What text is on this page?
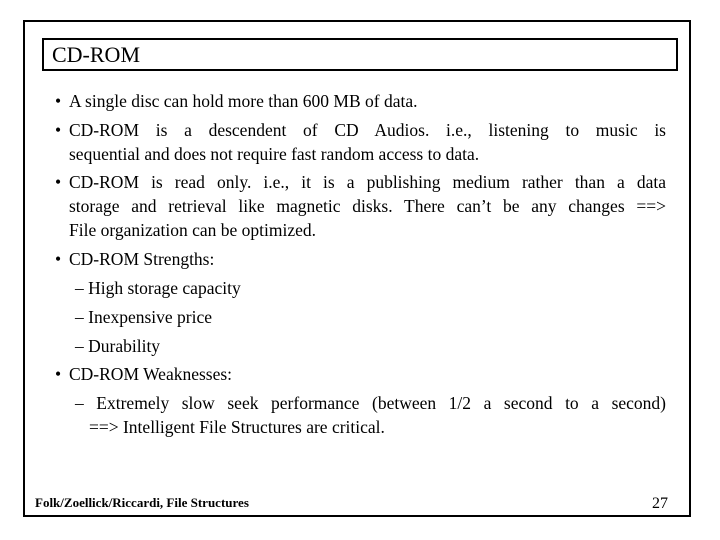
CD-ROM
• A single disc can hold more than 600 MB of data.
• CD-ROM is a descendent of CD Audios. i.e., listening to music is
sequential and does not require fast random access to data.
• CD-ROM is read only. i.e., it is a publishing medium rather than a data
storage and retrieval like magnetic disks. There can’t be any changes ==>
File organization can be optimized.
• CD-ROM Strengths:
– High storage capacity
– Inexpensive price
– Durability
• CD-ROM Weaknesses:
– Extremely slow seek performance (between 1/2 a second to a second)
==> Intelligent File Structures are critical.
Folk/Zoellick/Riccardi, File Structures	27
